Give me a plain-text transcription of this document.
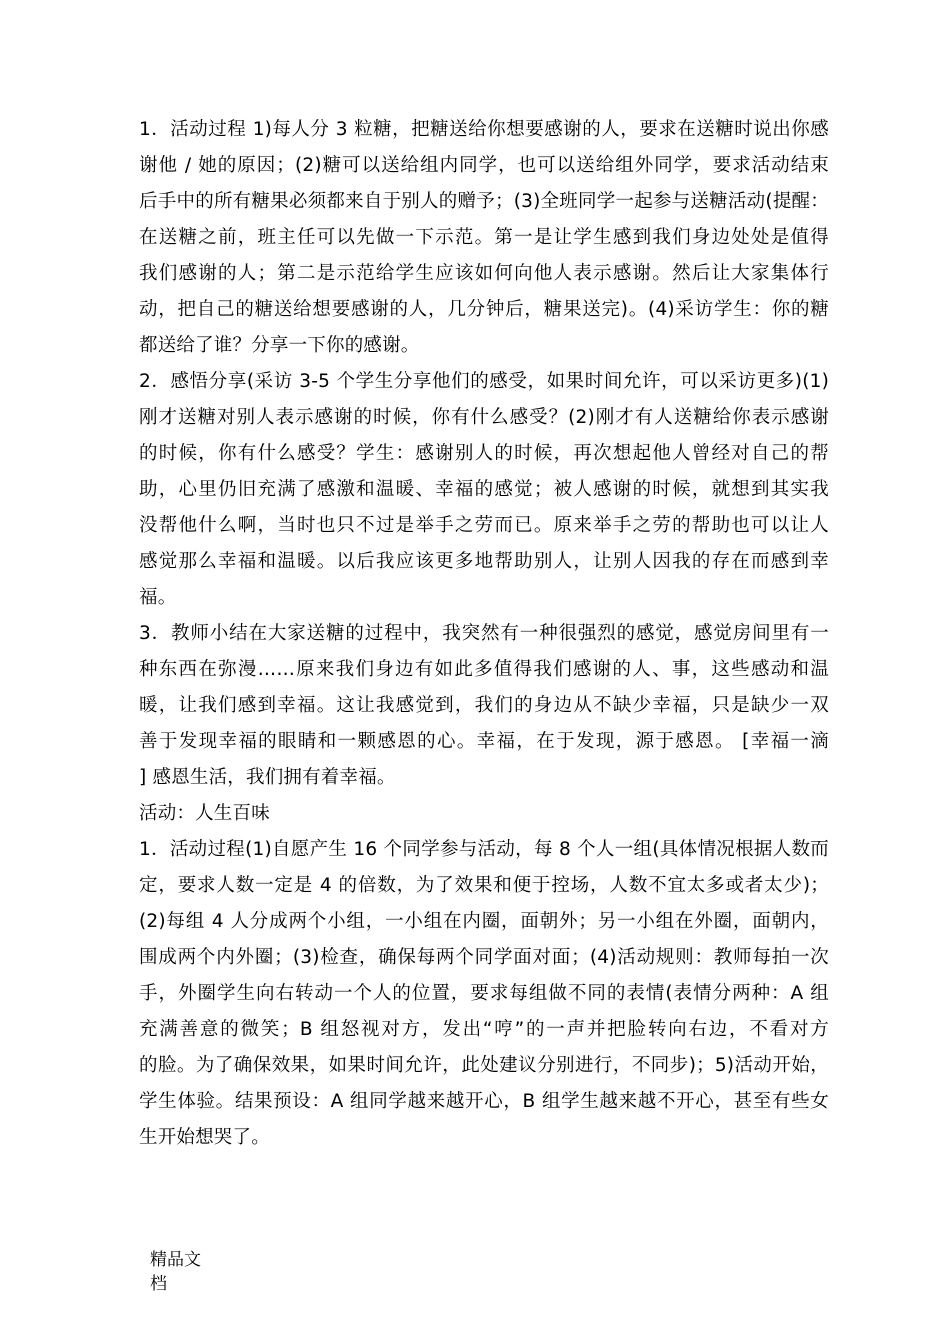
1．活动过程 1)每人分 3 粒糖，把糖送给你想要感谢的人，要求在送糖时说出你感
谢他 / 她的原因；(2)糖可以送给组内同学，也可以送给组外同学，要求活动结束
后手中的所有糖果必须都来自于别人的赠予；(3)全班同学一起参与送糖活动(提醒：
在送糖之前，班主任可以先做一下示范。第一是让学生感到我们身边处处是值得
我们感谢的人；第二是示范给学生应该如何向他人表示感谢。然后让大家集体行
动，把自己的糖送给想要感谢的人，几分钟后，糖果送完)。(4)采访学生：你的糖
都送给了谁？分享一下你的感谢。
2．感悟分享(采访 3-5 个学生分享他们的感受，如果时间允许，可以采访更多)(1)
刚才送糖对别人表示感谢的时候，你有什么感受？(2)刚才有人送糖给你表示感谢
的时候，你有什么感受？学生：感谢别人的时候，再次想起他人曾经对自己的帮
助，心里仍旧充满了感激和温暖、幸福的感觉；被人感谢的时候，就想到其实我
没帮他什么啊，当时也只不过是举手之劳而已。原来举手之劳的帮助也可以让人
感觉那么幸福和温暖。以后我应该更多地帮助别人，让别人因我的存在而感到幸
福。
3．教师小结在大家送糖的过程中，我突然有一种很强烈的感觉，感觉房间里有一
种东西在弥漫……原来我们身边有如此多值得我们感谢的人、事，这些感动和温
暖，让我们感到幸福。这让我感觉到，我们的身边从不缺少幸福，只是缺少一双
善于发现幸福的眼睛和一颗感恩的心。幸福，在于发现，源于感恩。 [幸福一滴
] 感恩生活，我们拥有着幸福。
活动：人生百味
1．活动过程(1)自愿产生 16 个同学参与活动，每 8 个人一组(具体情况根据人数而
定，要求人数一定是 4 的倍数，为了效果和便于控场，人数不宜太多或者太少)；
(2)每组 4 人分成两个小组，一小组在内圈，面朝外；另一小组在外圈，面朝内，
围成两个内外圈；(3)检查，确保每两个同学面对面；(4)活动规则：教师每拍一次
手，外圈学生向右转动一个人的位置，要求每组做不同的表情(表情分两种：A 组
充满善意的微笑；B 组怒视对方，发出“哼”的一声并把脸转向右边，不看对方
的脸。为了确保效果，如果时间允许，此处建议分别进行，不同步)；5)活动开始，
学生体验。结果预设：A 组同学越来越开心，B 组学生越来越不开心，甚至有些女
生开始想哭了。
精品文
档
